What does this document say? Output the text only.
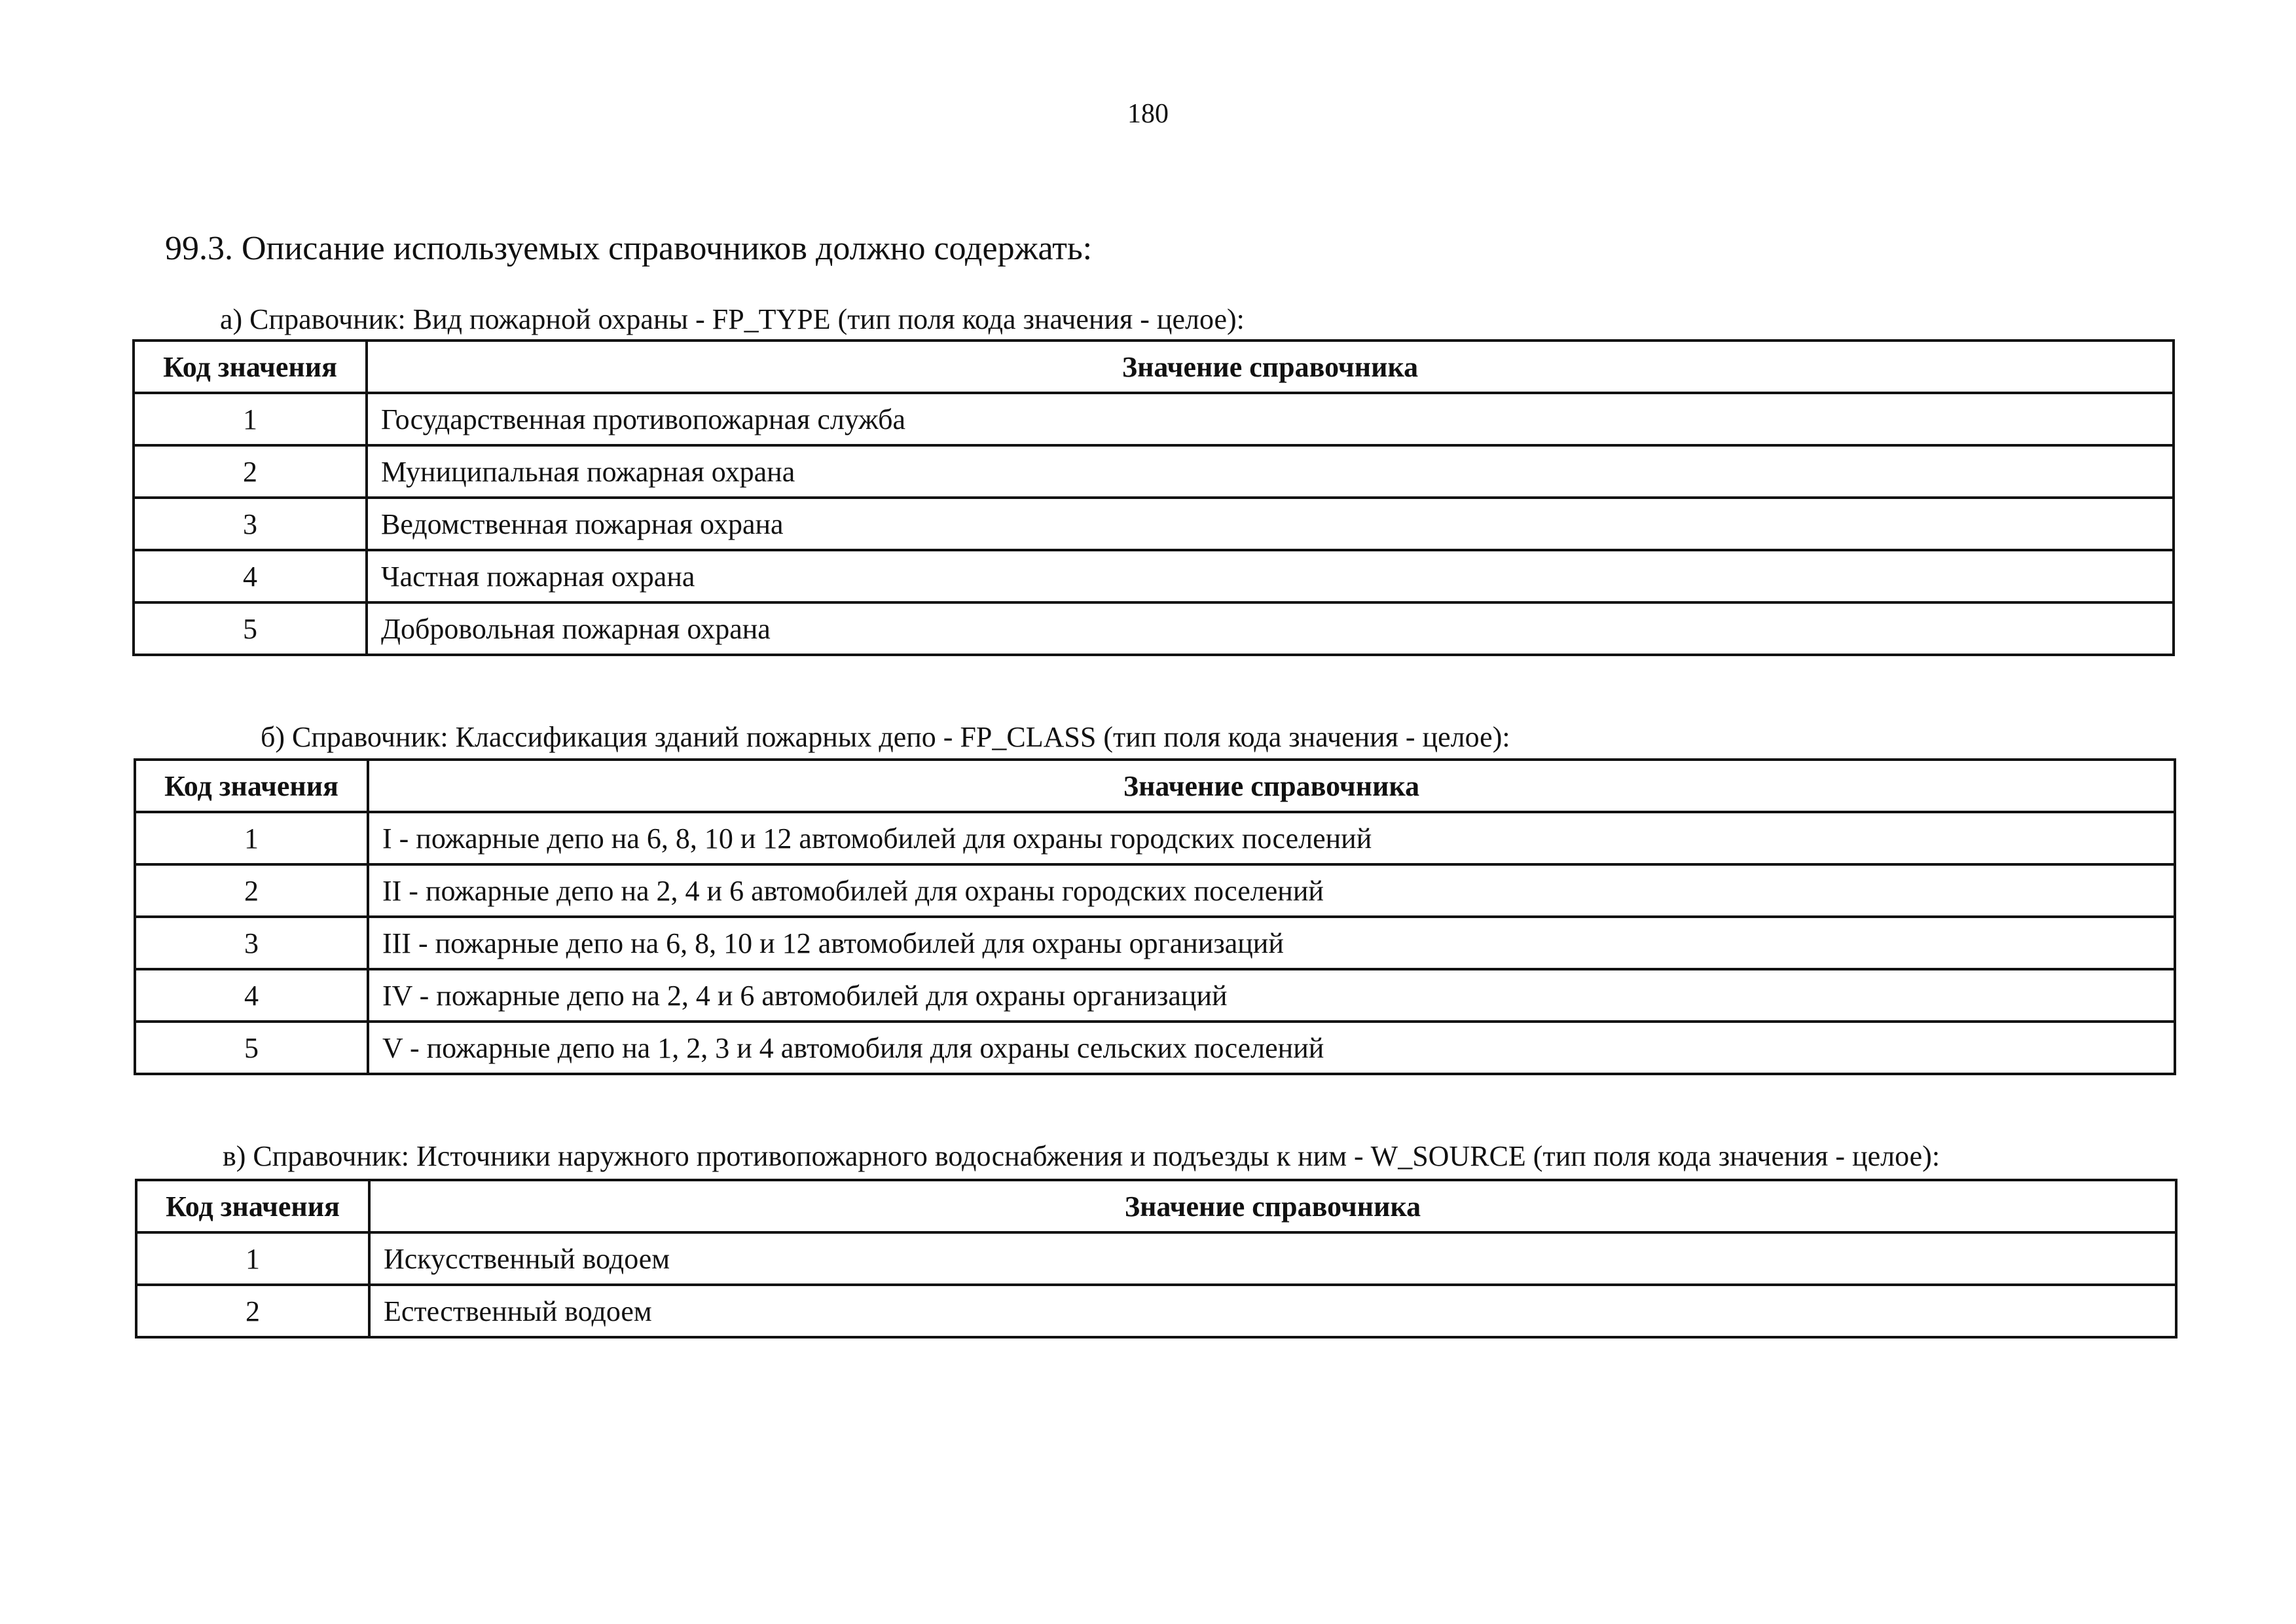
180
99.3. Описание используемых справочников должно содержать:
а) Справочник: Вид пожарной охраны - FP_TYPE (тип поля кода значения - целое):
Код значения	Значение справочника
1	Государственная противопожарная служба
2	Муниципальная пожарная охрана
3	Ведомственная пожарная охрана
4	Частная пожарная охрана
5	Добровольная пожарная охрана
б) Справочник: Классификация зданий пожарных депо - FP_CLASS (тип поля кода значения - целое):
Код значения	Значение справочника
1	I - пожарные депо на 6, 8, 10 и 12 автомобилей для охраны городских поселений
2	II - пожарные депо на 2, 4 и 6 автомобилей для охраны городских поселений
3	III - пожарные депо на 6, 8, 10 и 12 автомобилей для охраны организаций
4	IV - пожарные депо на 2, 4 и 6 автомобилей для охраны организаций
5	V - пожарные депо на 1, 2, 3 и 4 автомобиля для охраны сельских поселений
в) Справочник: Источники наружного противопожарного водоснабжения и подъезды к ним - W_SOURCE (тип поля кода значения - целое):
Код значения	Значение справочника
1	Искусственный водоем
2	Естественный водоем
